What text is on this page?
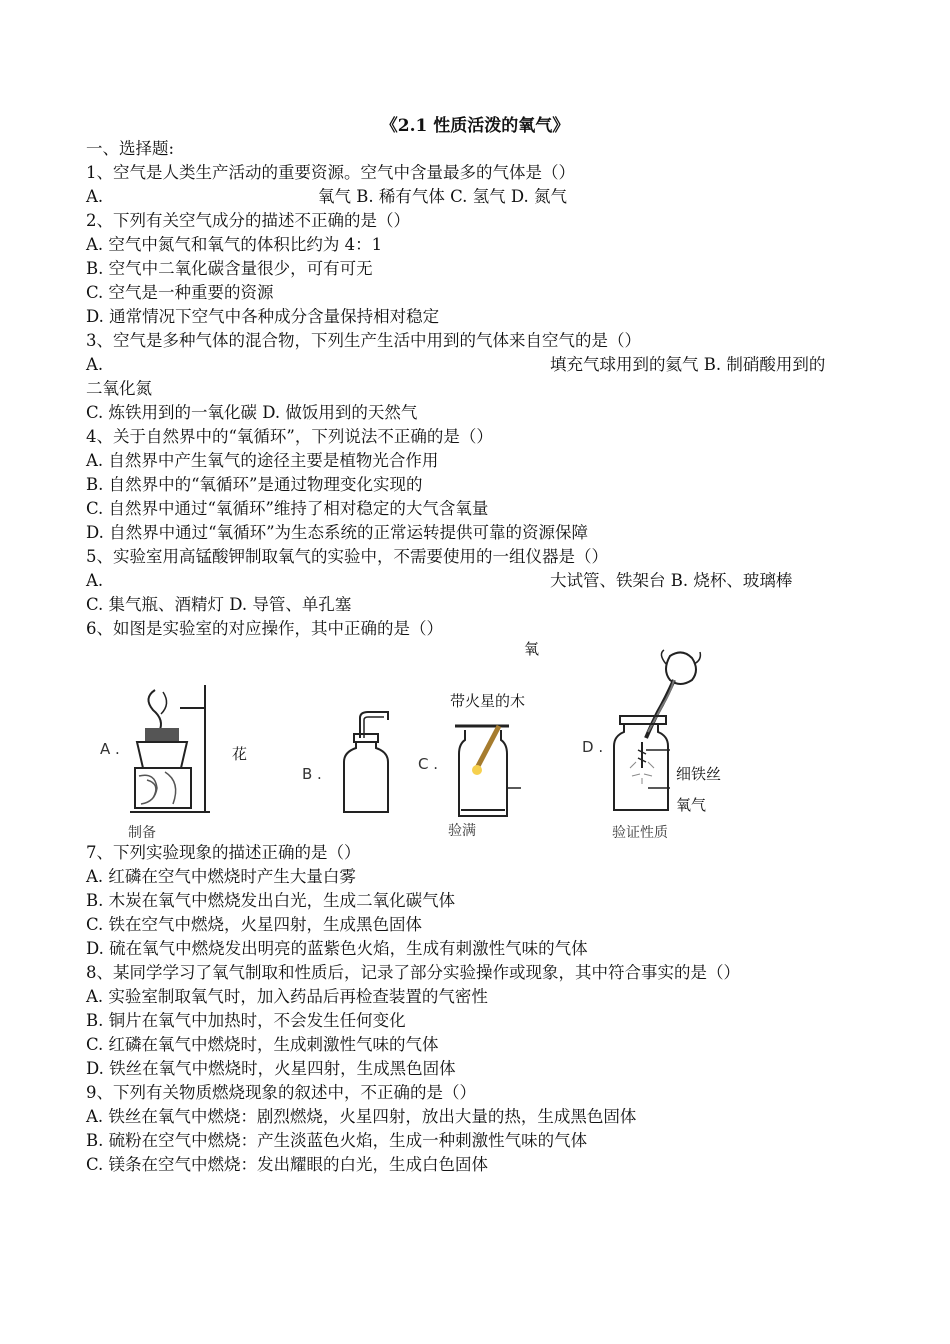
《2.1 性质活泼的氧气》
一、选择题:
1、空气是人类生产活动的重要资源。空气中含量最多的气体是（）
A.	氧气 B. 稀有气体 C. 氢气 D. 氮气
2、下列有关空气成分的描述不正确的是（）
A. 空气中氮气和氧气的体积比约为 4：1
B. 空气中二氧化碳含量很少，可有可无
C. 空气是一种重要的资源
D. 通常情况下空气中各种成分含量保持相对稳定
3、空气是多种气体的混合物，下列生产生活中用到的气体来自空气的是（）
A.	填充气球用到的氦气 B. 制硝酸用到的
二氧化氮
C. 炼铁用到的一氧化碳 D. 做饭用到的天然气
4、关于自然界中的“氧循环”，下列说法不正确的是（）
A. 自然界中产生氧气的途径主要是植物光合作用
B. 自然界中的“氧循环”是通过物理变化实现的
C. 自然界中通过“氧循环”维持了相对稳定的大气含氧量
D. 自然界中通过“氧循环”为生态系统的正常运转提供可靠的资源保障
5、实验室用高锰酸钾制取氧气的实验中，不需要使用的一组仪器是（）
A.	大试管、铁架台 B. 烧杯、玻璃棒
C. 集气瓶、酒精灯 D. 导管、单孔塞
6、如图是实验室的对应操作，其中正确的是（）
A .	花
制备
B .
C .
带火星的木
验满
D .
氧
细铁丝
氧气
验证性质
7、下列实验现象的描述正确的是（）
A. 红磷在空气中燃烧时产生大量白雾
B. 木炭在氧气中燃烧发出白光，生成二氧化碳气体
C. 铁在空气中燃烧，火星四射，生成黑色固体
D. 硫在氧气中燃烧发出明亮的蓝紫色火焰，生成有刺激性气味的气体
8、某同学学习了氧气制取和性质后，记录了部分实验操作或现象，其中符合事实的是（）
A. 实验室制取氧气时，加入药品后再检查装置的气密性
B. 铜片在氧气中加热时，不会发生任何变化
C. 红磷在氧气中燃烧时，生成刺激性气味的气体
D. 铁丝在氧气中燃烧时，火星四射，生成黑色固体
9、下列有关物质燃烧现象的叙述中，不正确的是（）
A. 铁丝在氧气中燃烧：剧烈燃烧，火星四射，放出大量的热，生成黑色固体
B. 硫粉在空气中燃烧：产生淡蓝色火焰，生成一种刺激性气味的气体
C. 镁条在空气中燃烧：发出耀眼的白光，生成白色固体
